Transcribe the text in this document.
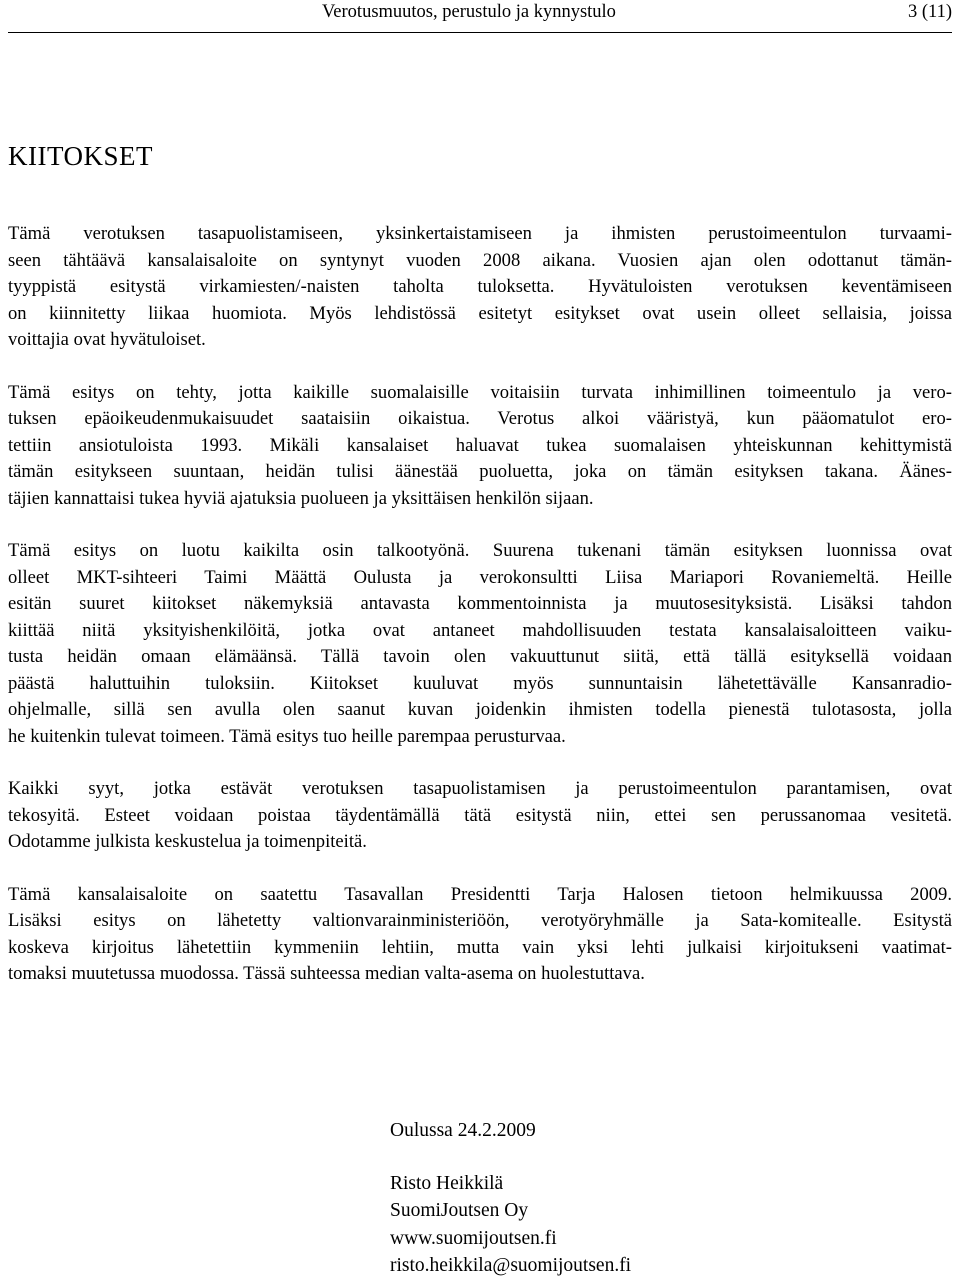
Verotusmuutos, perustulo ja kynnystulo	3 (11)
KIITOKSET

Tämä verotuksen tasapuolistamiseen, yksinkertaistamiseen ja ihmisten perustoimeentulon turvaami-
seen tähtäävä kansalaisaloite on syntynyt vuoden 2008 aikana. Vuosien ajan olen odottanut tämän-
tyyppistä esitystä virkamiesten/-naisten taholta tuloksetta. Hyvätuloisten verotuksen keventämiseen
on kiinnitetty liikaa huomiota. Myös lehdistössä esitetyt esitykset ovat usein olleet sellaisia, joissa
voittajia ovat hyvätuloiset.

Tämä esitys on tehty, jotta kaikille suomalaisille voitaisiin turvata inhimillinen toimeentulo ja vero-
tuksen epäoikeudenmukaisuudet saataisiin oikaistua. Verotus alkoi vääristyä, kun pääomatulot ero-
tettiin ansiotuloista 1993. Mikäli kansalaiset haluavat tukea suomalaisen yhteiskunnan kehittymistä
tämän esitykseen suuntaan, heidän tulisi äänestää puoluetta, joka on tämän esityksen takana. Äänes-
täjien kannattaisi tukea hyviä ajatuksia puolueen ja yksittäisen henkilön sijaan.

Tämä esitys on luotu kaikilta osin talkootyönä. Suurena tukenani tämän esityksen luonnissa ovat
olleet MKT-sihteeri Taimi Määttä Oulusta ja verokonsultti Liisa Mariapori Rovaniemeltä. Heille
esitän suuret kiitokset näkemyksiä antavasta kommentoinnista ja muutosesityksistä. Lisäksi tahdon
kiittää niitä yksityishenkilöitä, jotka ovat antaneet mahdollisuuden testata kansalaisaloitteen vaiku-
tusta heidän omaan elämäänsä. Tällä tavoin olen vakuuttunut siitä, että tällä esityksellä voidaan
päästä haluttuihin tuloksiin. Kiitokset kuuluvat myös sunnuntaisin lähetettävälle Kansanradio-
ohjelmalle, sillä sen avulla olen saanut kuvan joidenkin ihmisten todella pienestä tulotasosta, jolla
he kuitenkin tulevat toimeen. Tämä esitys tuo heille parempaa perusturvaa.

Kaikki syyt, jotka estävät verotuksen tasapuolistamisen ja perustoimeentulon parantamisen, ovat
tekosyitä. Esteet voidaan poistaa täydentämällä tätä esitystä niin, ettei sen perussanomaa vesitetä.
Odotamme julkista keskustelua ja toimenpiteitä.

Tämä kansalaisaloite on saatettu Tasavallan Presidentti Tarja Halosen tietoon helmikuussa 2009.
Lisäksi esitys on lähetetty valtionvarainministeriöön, verotyöryhmälle ja Sata-komitealle. Esitystä
koskeva kirjoitus lähetettiin kymmeniin lehtiin, mutta vain yksi lehti julkaisi kirjoitukseni vaatimat-
tomaksi muutetussa muodossa. Tässä suhteessa median valta-asema on huolestuttava.

Oulussa 24.2.2009
Risto Heikkilä
SuomiJoutsen Oy
www.suomijoutsen.fi
risto.heikkila@suomijoutsen.fi
